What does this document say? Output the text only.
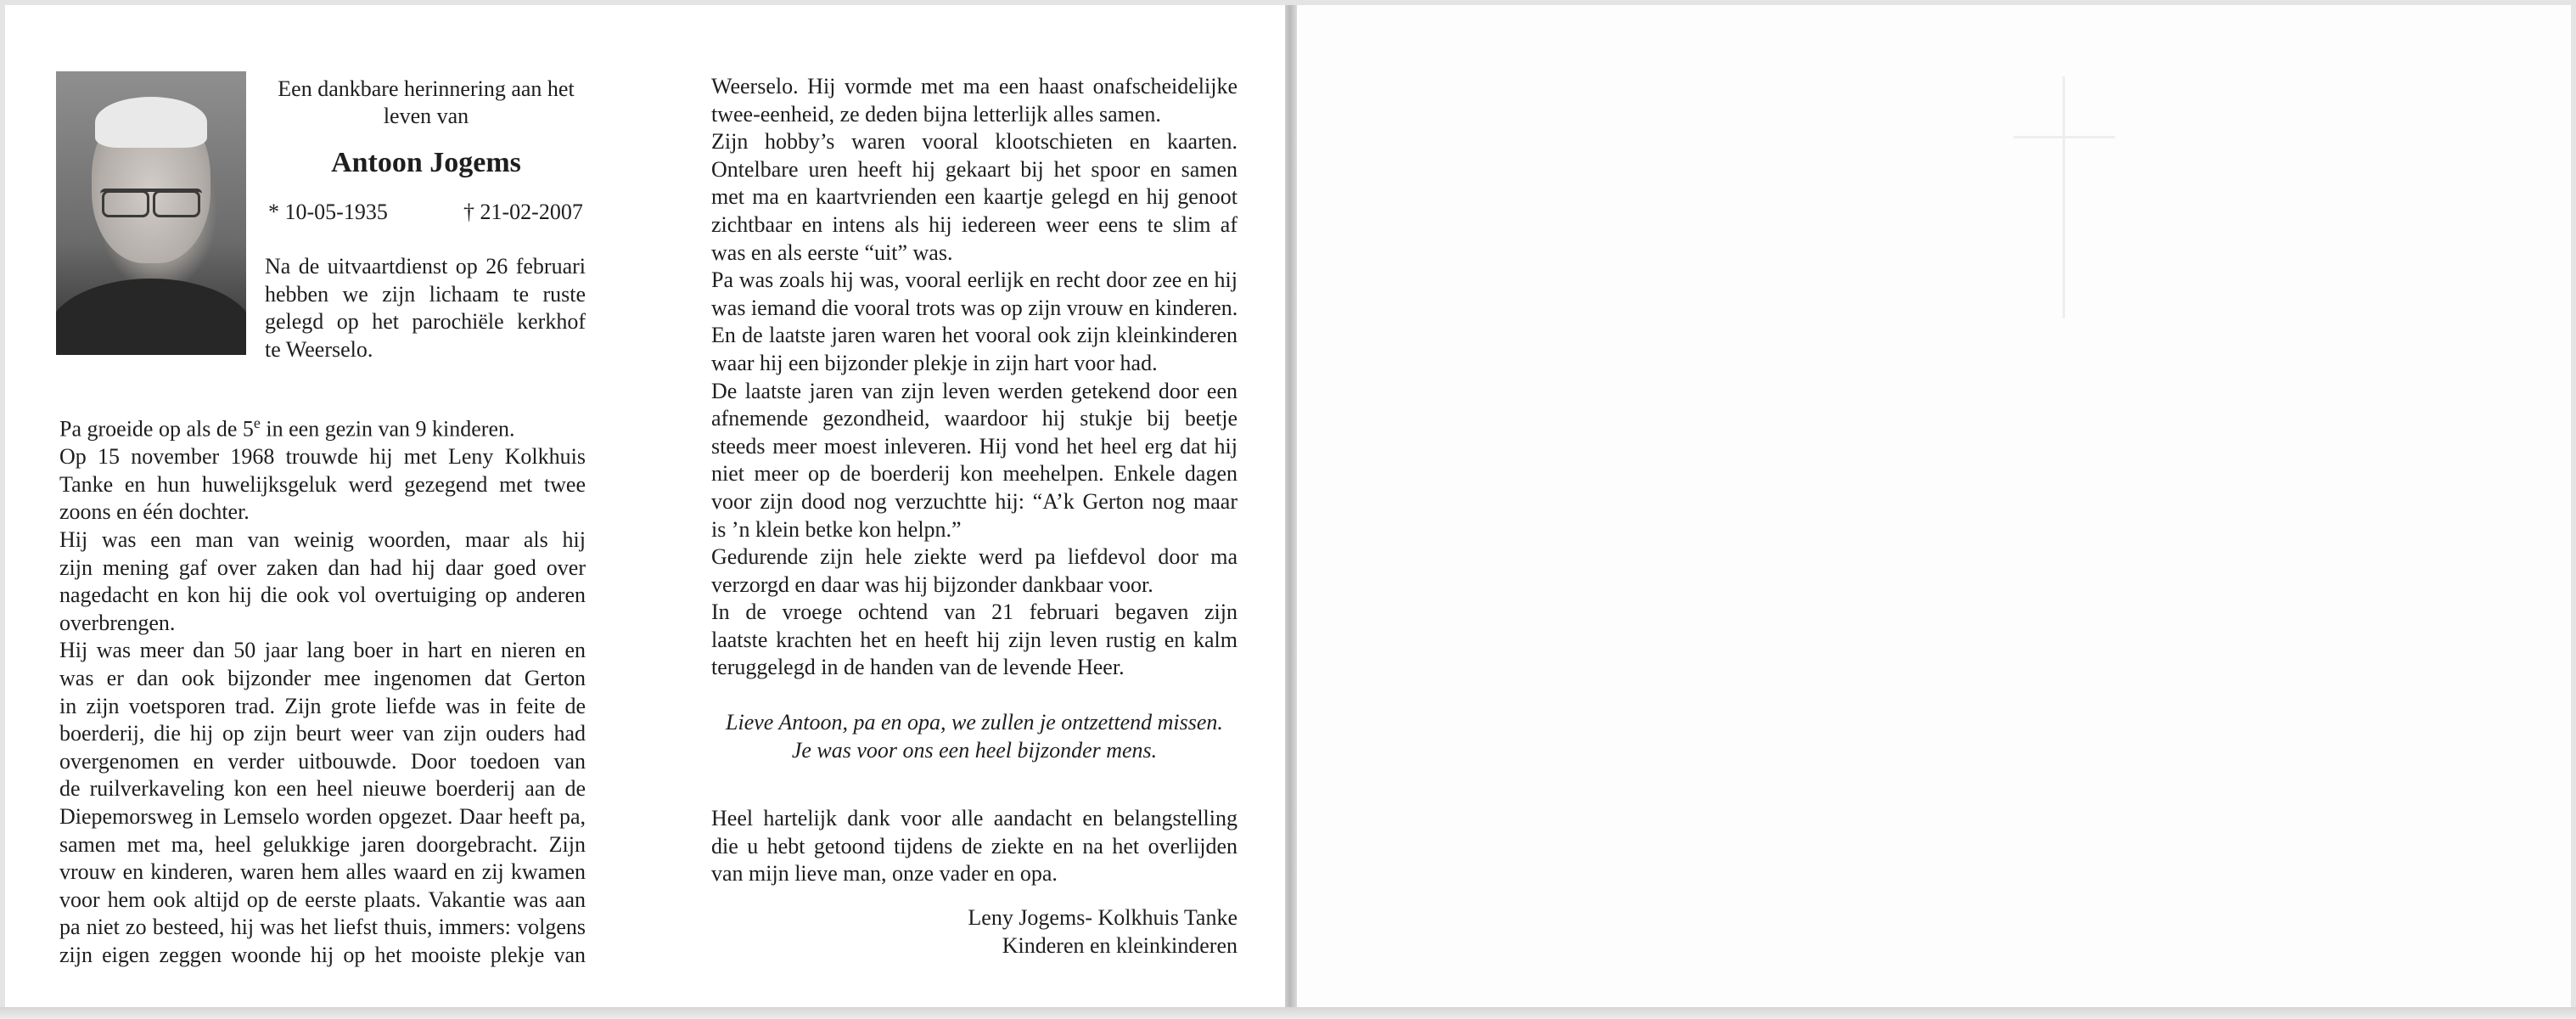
Een dankbare herinnering aan het
leven van
Antoon Jogems
* 10-05-1935	† 21-02-2007
Na de uitvaartdienst op 26 februari
hebben we zijn lichaam te ruste
gelegd op het parochiële kerkhof
te Weerselo.
Pa groeide op als de 5e in een gezin van 9 kinderen.
Op 15 november 1968 trouwde hij met Leny Kolkhuis
Tanke en hun huwelijksgeluk werd gezegend met twee
zoons en één dochter.
Hij was een man van weinig woorden, maar als hij
zijn mening gaf over zaken dan had hij daar goed over
nagedacht en kon hij die ook vol overtuiging op anderen
overbrengen.
Hij was meer dan 50 jaar lang boer in hart en nieren en
was er dan ook bijzonder mee ingenomen dat Gerton
in zijn voetsporen trad. Zijn grote liefde was in feite de
boerderij, die hij op zijn beurt weer van zijn ouders had
overgenomen en verder uitbouwde. Door toedoen van
de ruilverkaveling kon een heel nieuwe boerderij aan de
Diepemorsweg in Lemselo worden opgezet. Daar heeft pa,
samen met ma, heel gelukkige jaren doorgebracht. Zijn
vrouw en kinderen, waren hem alles waard en zij kwamen
voor hem ook altijd op de eerste plaats. Vakantie was aan
pa niet zo besteed, hij was het liefst thuis, immers: volgens
zijn eigen zeggen woonde hij op het mooiste plekje van
Weerselo. Hij vormde met ma een haast onafscheidelijke
twee-eenheid, ze deden bijna letterlijk alles samen.
Zijn hobby’s waren vooral klootschieten en kaarten.
Ontelbare uren heeft hij gekaart bij het spoor en samen
met ma en kaartvrienden een kaartje gelegd en hij genoot
zichtbaar en intens als hij iedereen weer eens te slim af
was en als eerste “uit” was.
Pa was zoals hij was, vooral eerlijk en recht door zee en hij
was iemand die vooral trots was op zijn vrouw en kinderen.
En de laatste jaren waren het vooral ook zijn kleinkinderen
waar hij een bijzonder plekje in zijn hart voor had.
De laatste jaren van zijn leven werden getekend door een
afnemende gezondheid, waardoor hij stukje bij beetje
steeds meer moest inleveren. Hij vond het heel erg dat hij
niet meer op de boerderij kon meehelpen. Enkele dagen
voor zijn dood nog verzuchtte hij: “A’k Gerton nog maar
is ’n klein betke kon helpn.”
Gedurende zijn hele ziekte werd pa liefdevol door ma
verzorgd en daar was hij bijzonder dankbaar voor.
In de vroege ochtend van 21 februari begaven zijn
laatste krachten het en heeft hij zijn leven rustig en kalm
teruggelegd in de handen van de levende Heer.
Lieve Antoon, pa en opa, we zullen je ontzettend missen.
Je was voor ons een heel bijzonder mens.
Heel hartelijk dank voor alle aandacht en belangstelling
die u hebt getoond tijdens de ziekte en na het overlijden
van mijn lieve man, onze vader en opa.
Leny Jogems- Kolkhuis Tanke
Kinderen en kleinkinderen
